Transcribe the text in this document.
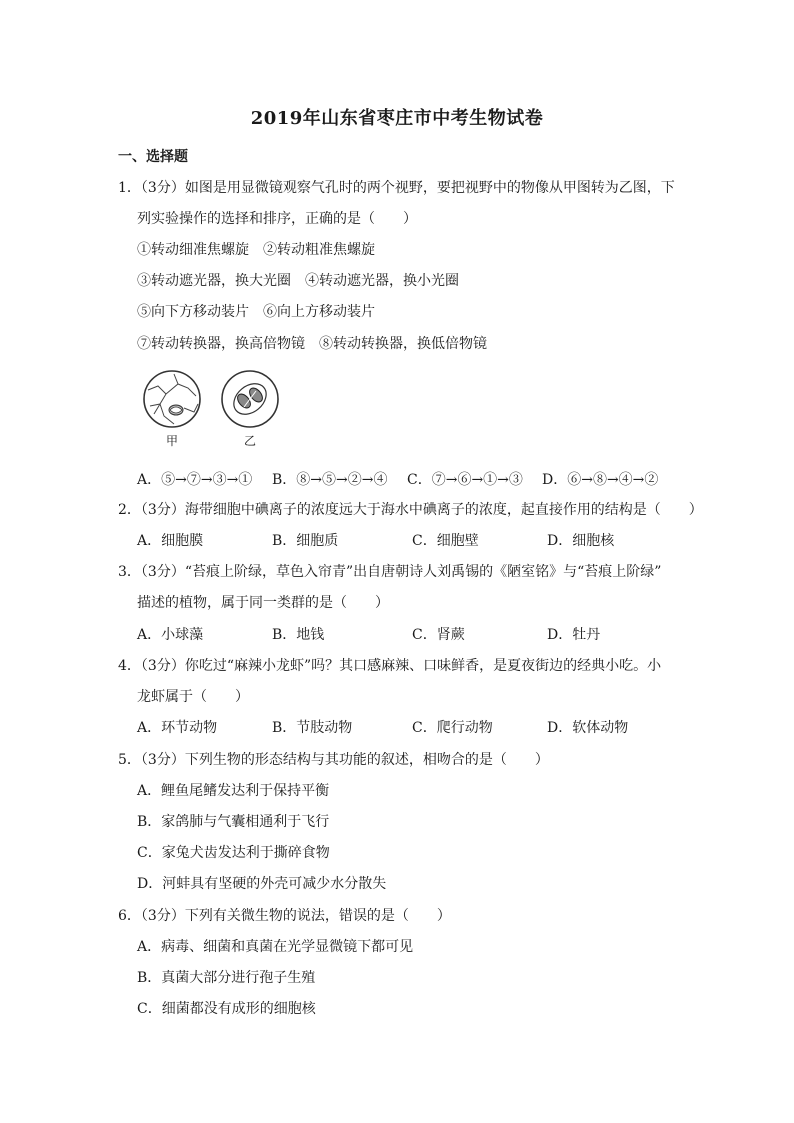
2019年山东省枣庄市中考生物试卷
一、选择题
1．（3分）如图是用显微镜观察气孔时的两个视野，要把视野中的物像从甲图转为乙图，下
列实验操作的选择和排序，正确的是（　　）
①转动细准焦螺旋　②转动粗准焦螺旋
③转动遮光器，换大光圈　④转动遮光器，换小光圈
⑤向下方移动装片　⑥向上方移动装片
⑦转动转换器，换高倍物镜　⑧转动转换器，换低倍物镜
甲	乙
A．⑤→⑦→③→① B．⑧→⑤→②→④ C．⑦→⑥→①→③ D．⑥→⑧→④→②
2．（3分）海带细胞中碘离子的浓度远大于海水中碘离子的浓度，起直接作用的结构是（　　）
A．细胞膜	B．细胞质	C．细胞壁	D．细胞核
3．（3分）“苔痕上阶绿，草色入帘青”出自唐朝诗人刘禹锡的《陋室铭》与“苔痕上阶绿”
描述的植物，属于同一类群的是（　　）
A．小球藻	B．地钱	C．肾蕨	D．牡丹
4．（3分）你吃过“麻辣小龙虾”吗？其口感麻辣、口味鲜香，是夏夜街边的经典小吃。小
龙虾属于（　　）
A．环节动物	B．节肢动物	C．爬行动物	D．软体动物
5．（3分）下列生物的形态结构与其功能的叙述，相吻合的是（　　）
A．鲤鱼尾鳍发达利于保持平衡
B．家鸽肺与气囊相通利于飞行
C．家兔犬齿发达利于撕碎食物
D．河蚌具有坚硬的外壳可减少水分散失
6．（3分）下列有关微生物的说法，错误的是（　　）
A．病毒、细菌和真菌在光学显微镜下都可见
B．真菌大部分进行孢子生殖
C．细菌都没有成形的细胞核
